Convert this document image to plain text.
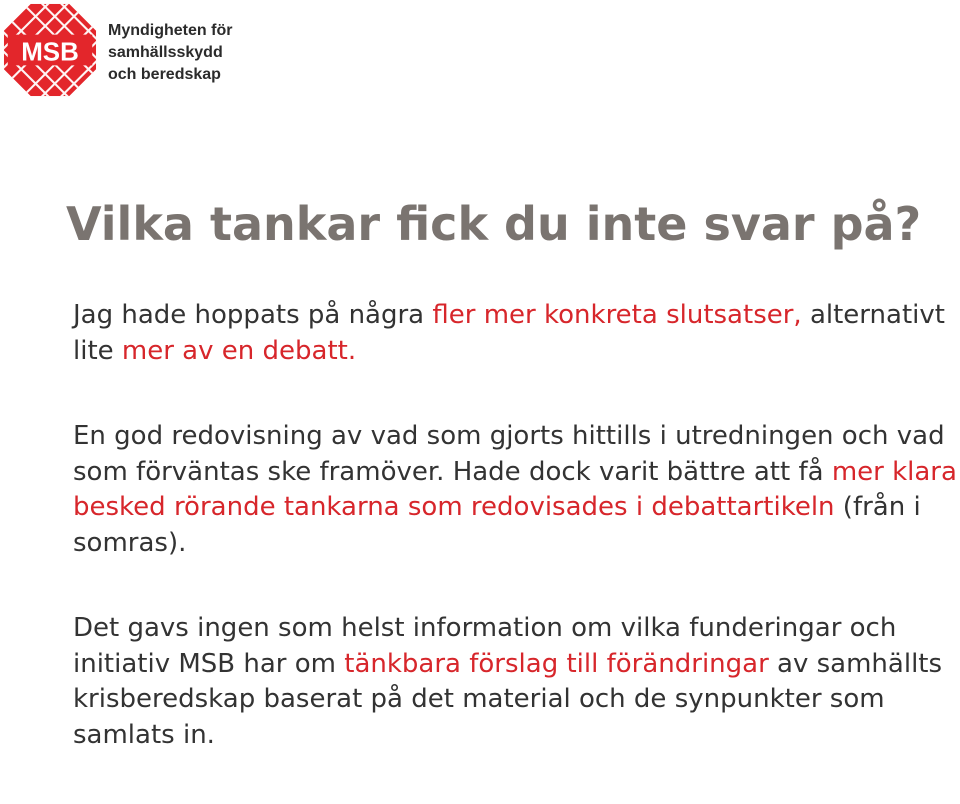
MSB
Myndigheten för
samhällsskydd
och beredskap
Vilka tankar fick du inte svar på?

Jag hade hoppats på några fler mer konkreta slutsatser, alternativt lite mer av en debatt.

En god redovisning av vad som gjorts hittills i utredningen och vad som förväntas ske framöver. Hade dock varit bättre att få mer klara besked rörande tankarna som redovisades i debattartikeln (från i somras).

Det gavs ingen som helst information om vilka funderingar och initiativ MSB har om tänkbara förslag till förändringar av samhällts krisberedskap baserat på det material och de synpunkter som samlats in.
